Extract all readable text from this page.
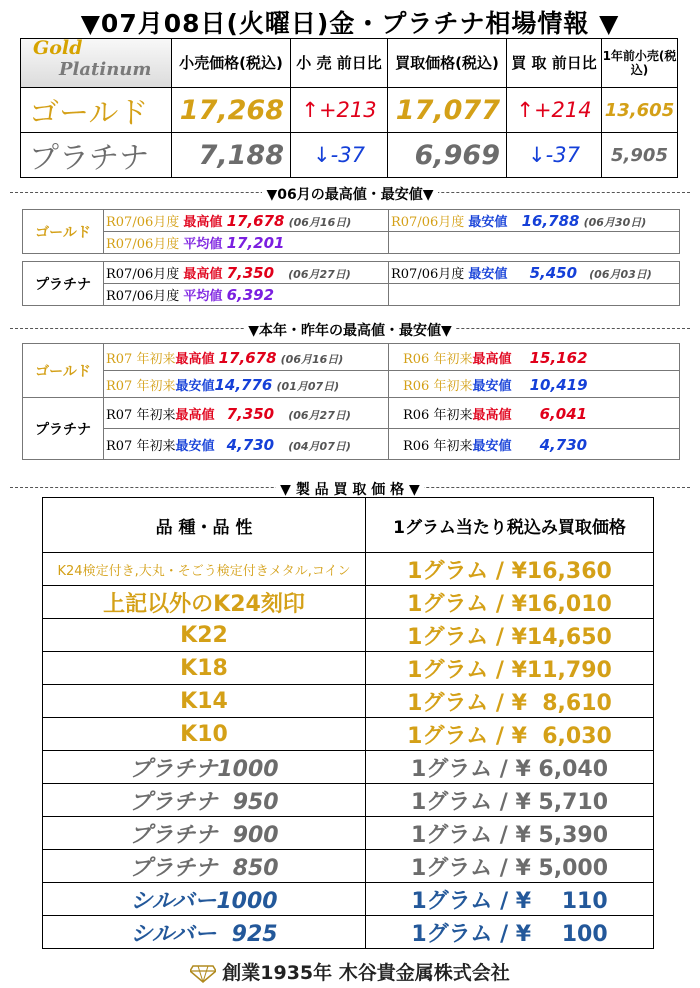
▼07月08日(火曜日)金・プラチナ相場情報 ▼
Gold
Platinum	小売価格(税込)	小 売 前日比	買取価格(税込)	買 取 前日比	1年前小売(税込)
ゴールド	17,268	↑+213	17,077	↑+214	13,605
プラチナ	7,188	↓-37	6,969	↓-37	5,905
▼06月の最高値・最安値▼
ゴールド	R07/06月度 最高値 17,678 (06月16日)	R07/06月度 最安値 16,788 (06月30日)
	R07/06月度 平均値 17,201	

プラチナ	R07/06月度 最高値 7,350 (06月27日)	R07/06月度 最安値 5,450 (06月03日)
	R07/06月度 平均値 6,392	
▼本年・昨年の最高値・最安値▼
ゴールド	R07 年初来最高値 17,678 (06月16日)	R06 年初来最高値 15,162
	R07 年初来最安値14,776 (01月07日)	R06 年初来最安値 10,419
プラチナ	R07 年初来最高値 7,350 (06月27日)	R06 年初来最高値 6,041
	R07 年初来最安値 4,730 (04月07日)	R06 年初来最安値 4,730
▼ 製 品 買 取 価 格 ▼
品 種・品 性	1グラム当たり税込み買取価格
K24検定付き,大丸・そごう検定付きメタル,コイン	1グラム / ¥16,360
上記以外のK24刻印	1グラム / ¥16,010
K22	1グラム / ¥14,650
K18	1グラム / ¥11,790
K14	1グラム / ¥  8,610
K10	1グラム / ¥  6,030
プラチナ1000	1グラム / ¥ 6,040
プラチナ  950	1グラム / ¥ 5,710
プラチナ  900	1グラム / ¥ 5,390
プラチナ  850	1グラム / ¥ 5,000
シルバー1000	1グラム / ¥    110
シルバー  925	1グラム / ¥    100
創業1935年 木谷貴金属株式会社
